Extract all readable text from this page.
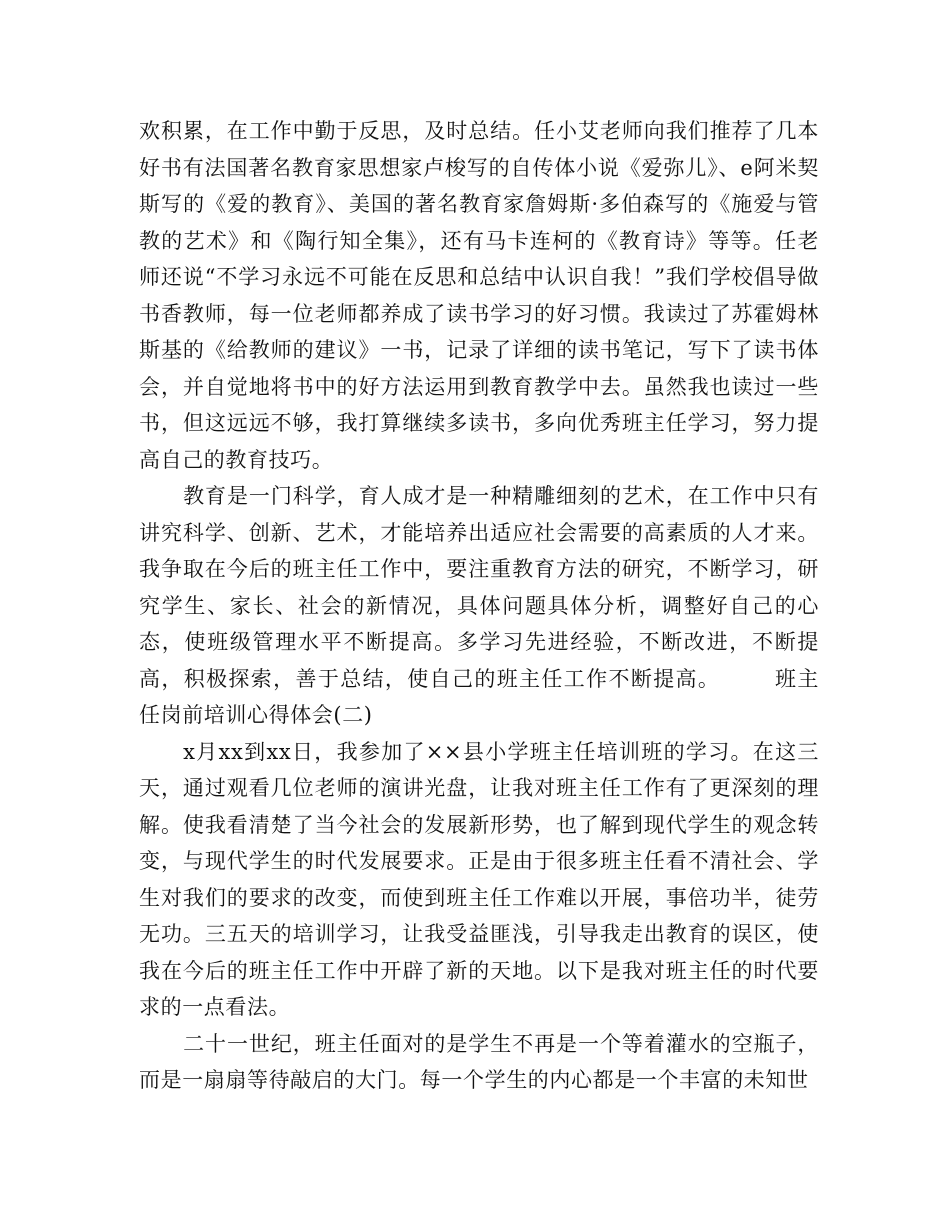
欢积累，在工作中勤于反思，及时总结。任小艾老师向我们推荐了几本好书有法国著名教育家思想家卢梭写的自传体小说《爱弥儿》、e阿米契斯写的《爱的教育》、美国的著名教育家詹姆斯·多伯森写的《施爱与管教的艺术》和《陶行知全集》，还有马卡连柯的《教育诗》等等。任老师还说“不学习永远不可能在反思和总结中认识自我！”我们学校倡导做书香教师，每一位老师都养成了读书学习的好习惯。我读过了苏霍姆林斯基的《给教师的建议》一书，记录了详细的读书笔记，写下了读书体会，并自觉地将书中的好方法运用到教育教学中去。虽然我也读过一些书，但这远远不够，我打算继续多读书，多向优秀班主任学习，努力提高自己的教育技巧。

教育是一门科学，育人成才是一种精雕细刻的艺术，在工作中只有讲究科学、创新、艺术，才能培养出适应社会需要的高素质的人才来。我争取在今后的班主任工作中，要注重教育方法的研究，不断学习，研究学生、家长、社会的新情况，具体问题具体分析，调整好自己的心态，使班级管理水平不断提高。多学习先进经验，不断改进，不断提高，积极探索，善于总结，使自己的班主任工作不断提高。	班主任岗前培训心得体会(二)

x月xx到xx日，我参加了××县小学班主任培训班的学习。在这三天，通过观看几位老师的演讲光盘，让我对班主任工作有了更深刻的理解。使我看清楚了当今社会的发展新形势，也了解到现代学生的观念转变，与现代学生的时代发展要求。正是由于很多班主任看不清社会、学生对我们的要求的改变，而使到班主任工作难以开展，事倍功半，徒劳无功。三五天的培训学习，让我受益匪浅，引导我走出教育的误区，使我在今后的班主任工作中开辟了新的天地。以下是我对班主任的时代要求的一点看法。

二十一世纪，班主任面对的是学生不再是一个等着灌水的空瓶子，而是一扇扇等待敲启的大门。每一个学生的内心都是一个丰富的未知世
